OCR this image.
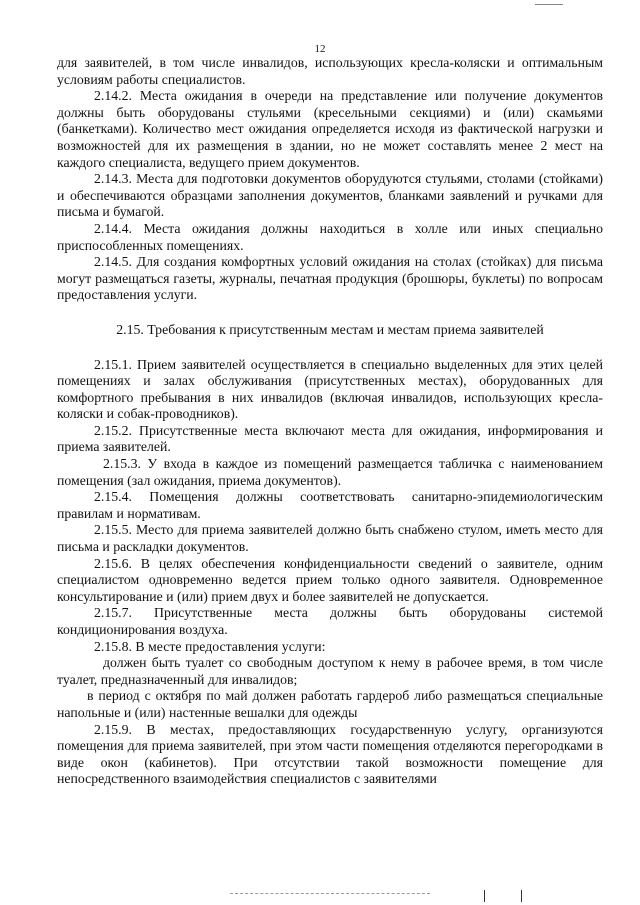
12

для заявителей, в том числе инвалидов, использующих кресла-коляски и оптимальным условиям работы специалистов.

2.14.2. Места ожидания в очереди на представление или получение документов должны быть оборудованы стульями (кресельными секциями) и (или) скамьями (банкетками). Количество мест ожидания определяется исходя из фактической нагрузки и возможностей для их размещения в здании, но не может составлять менее 2 мест на каждого специалиста, ведущего прием документов.

2.14.3. Места для подготовки документов оборудуются стульями, столами (стойками) и обеспечиваются образцами заполнения документов, бланками заявлений и ручками для письма и бумагой.

2.14.4. Места ожидания должны находиться в холле или иных специально приспособленных помещениях.

2.14.5. Для создания комфортных условий ожидания на столах (стойках) для письма могут размещаться газеты, журналы, печатная продукция (брошюры, буклеты) по вопросам предоставления услуги.

2.15. Требования к присутственным местам и местам приема заявителей

2.15.1. Прием заявителей осуществляется в специально выделенных для этих целей помещениях и залах обслуживания (присутственных местах), оборудованных для комфортного пребывания в них инвалидов (включая инвалидов, использующих кресла-коляски и собак-проводников).

2.15.2. Присутственные места включают места для ожидания, информирования и приема заявителей.

2.15.3. У входа в каждое из помещений размещается табличка с наименованием помещения (зал ожидания, приема документов).

2.15.4. Помещения должны соответствовать санитарно-эпидемиологическим правилам и нормативам.

2.15.5. Место для приема заявителей должно быть снабжено стулом, иметь место для письма и раскладки документов.

2.15.6. В целях обеспечения конфиденциальности сведений о заявителе, одним специалистом одновременно ведется прием только одного заявителя. Одновременное консультирование и (или) прием двух и более заявителей не допускается.

2.15.7. Присутственные места должны быть оборудованы системой кондиционирования воздуха.

2.15.8. В месте предоставления услуги:

должен быть туалет со свободным доступом к нему в рабочее время, в том числе туалет, предназначенный для инвалидов;

в период с октября по май должен работать гардероб либо размещаться специальные напольные и (или) настенные вешалки для одежды

2.15.9. В местах, предоставляющих государственную услугу, организуются помещения для приема заявителей, при этом части помещения отделяются перегородками в виде окон (кабинетов). При отсутствии такой возможности помещение для непосредственного взаимодействия специалистов с заявителями
